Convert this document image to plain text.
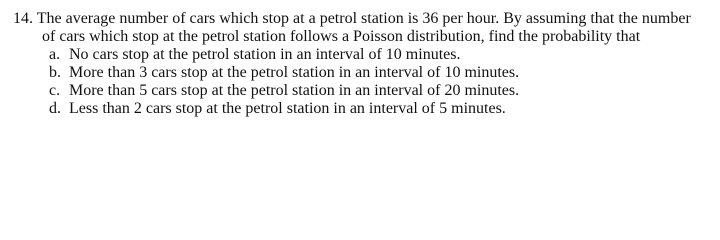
14. The average number of cars which stop at a petrol station is 36 per hour. By assuming that the number
of cars which stop at the petrol station follows a Poisson distribution, find the probability that
a. No cars stop at the petrol station in an interval of 10 minutes.
b. More than 3 cars stop at the petrol station in an interval of 10 minutes.
c. More than 5 cars stop at the petrol station in an interval of 20 minutes.
d. Less than 2 cars stop at the petrol station in an interval of 5 minutes.
